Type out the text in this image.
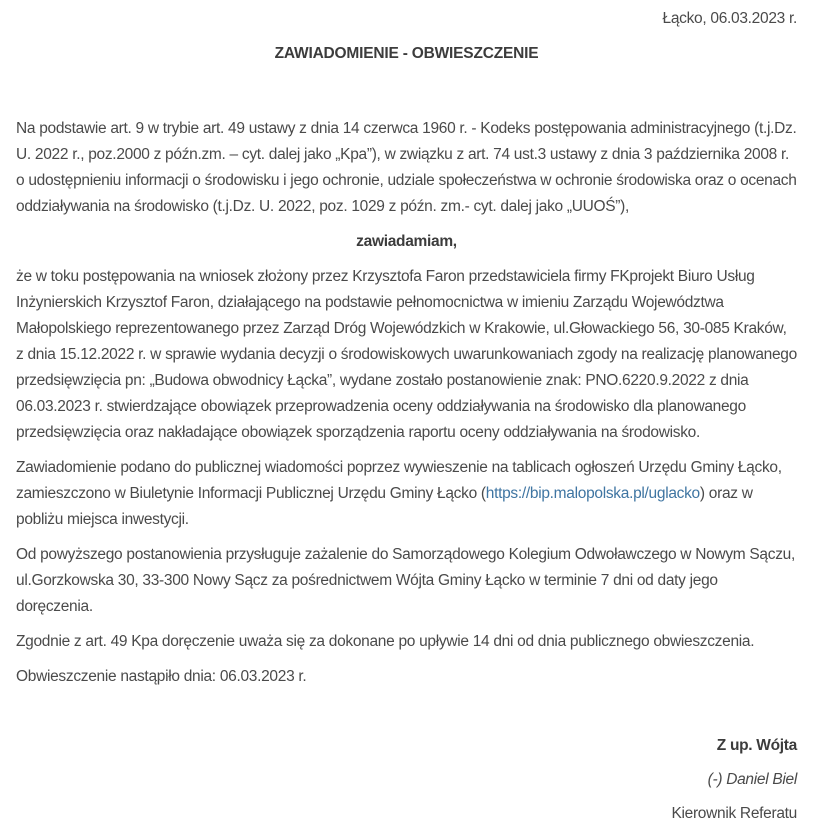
Łącko, 06.03.2023 r.
ZAWIADOMIENIE - OBWIESZCZENIE

Na podstawie art. 9 w trybie art. 49 ustawy z dnia 14 czerwca 1960 r. - Kodeks postępowania administracyjnego (t.j.Dz. U. 2022 r., poz.2000 z późn.zm. – cyt. dalej jako „Kpa”), w związku z art. 74 ust.3 ustawy z dnia 3 października 2008 r. o udostępnieniu informacji o środowisku i jego ochronie, udziale społeczeństwa w ochronie środowiska oraz o ocenach oddziaływania na środowisko (t.j.Dz. U. 2022, poz. 1029 z późn. zm.- cyt. dalej jako „UUOŚ”),

zawiadamiam,

że w toku postępowania na wniosek złożony przez Krzysztofa Faron przedstawiciela firmy FKprojekt Biuro Usług Inżynierskich Krzysztof Faron, działającego na podstawie pełnomocnictwa w imieniu Zarządu Województwa Małopolskiego reprezentowanego przez Zarząd Dróg Wojewódzkich w Krakowie, ul.Głowackiego 56, 30-085 Kraków, z dnia 15.12.2022 r. w sprawie wydania decyzji o środowiskowych uwarunkowaniach zgody na realizację planowanego przedsięwzięcia pn: „Budowa obwodnicy Łącka”, wydane zostało postanowienie znak: PNO.6220.9.2022 z dnia 06.03.2023 r. stwierdzające obowiązek przeprowadzenia oceny oddziaływania na środowisko dla planowanego przedsięwzięcia oraz nakładające obowiązek sporządzenia raportu oceny oddziaływania na środowisko.

Zawiadomienie podano do publicznej wiadomości poprzez wywieszenie na tablicach ogłoszeń Urzędu Gminy Łącko, zamieszczono w Biuletynie Informacji Publicznej Urzędu Gminy Łącko (https://bip.malopolska.pl/uglacko) oraz w pobliżu miejsca inwestycji.

Od powyższego postanowienia przysługuje zażalenie do Samorządowego Kolegium Odwoławczego w Nowym Sączu, ul.Gorzkowska 30, 33-300 Nowy Sącz za pośrednictwem Wójta Gminy Łącko w terminie 7 dni od daty jego doręczenia.

Zgodnie z art. 49 Kpa doręczenie uważa się za dokonane po upływie 14 dni od dnia publicznego obwieszczenia.

Obwieszczenie nastąpiło dnia: 06.03.2023 r.

Z up. Wójta
(-) Daniel Biel
Kierownik Referatu
